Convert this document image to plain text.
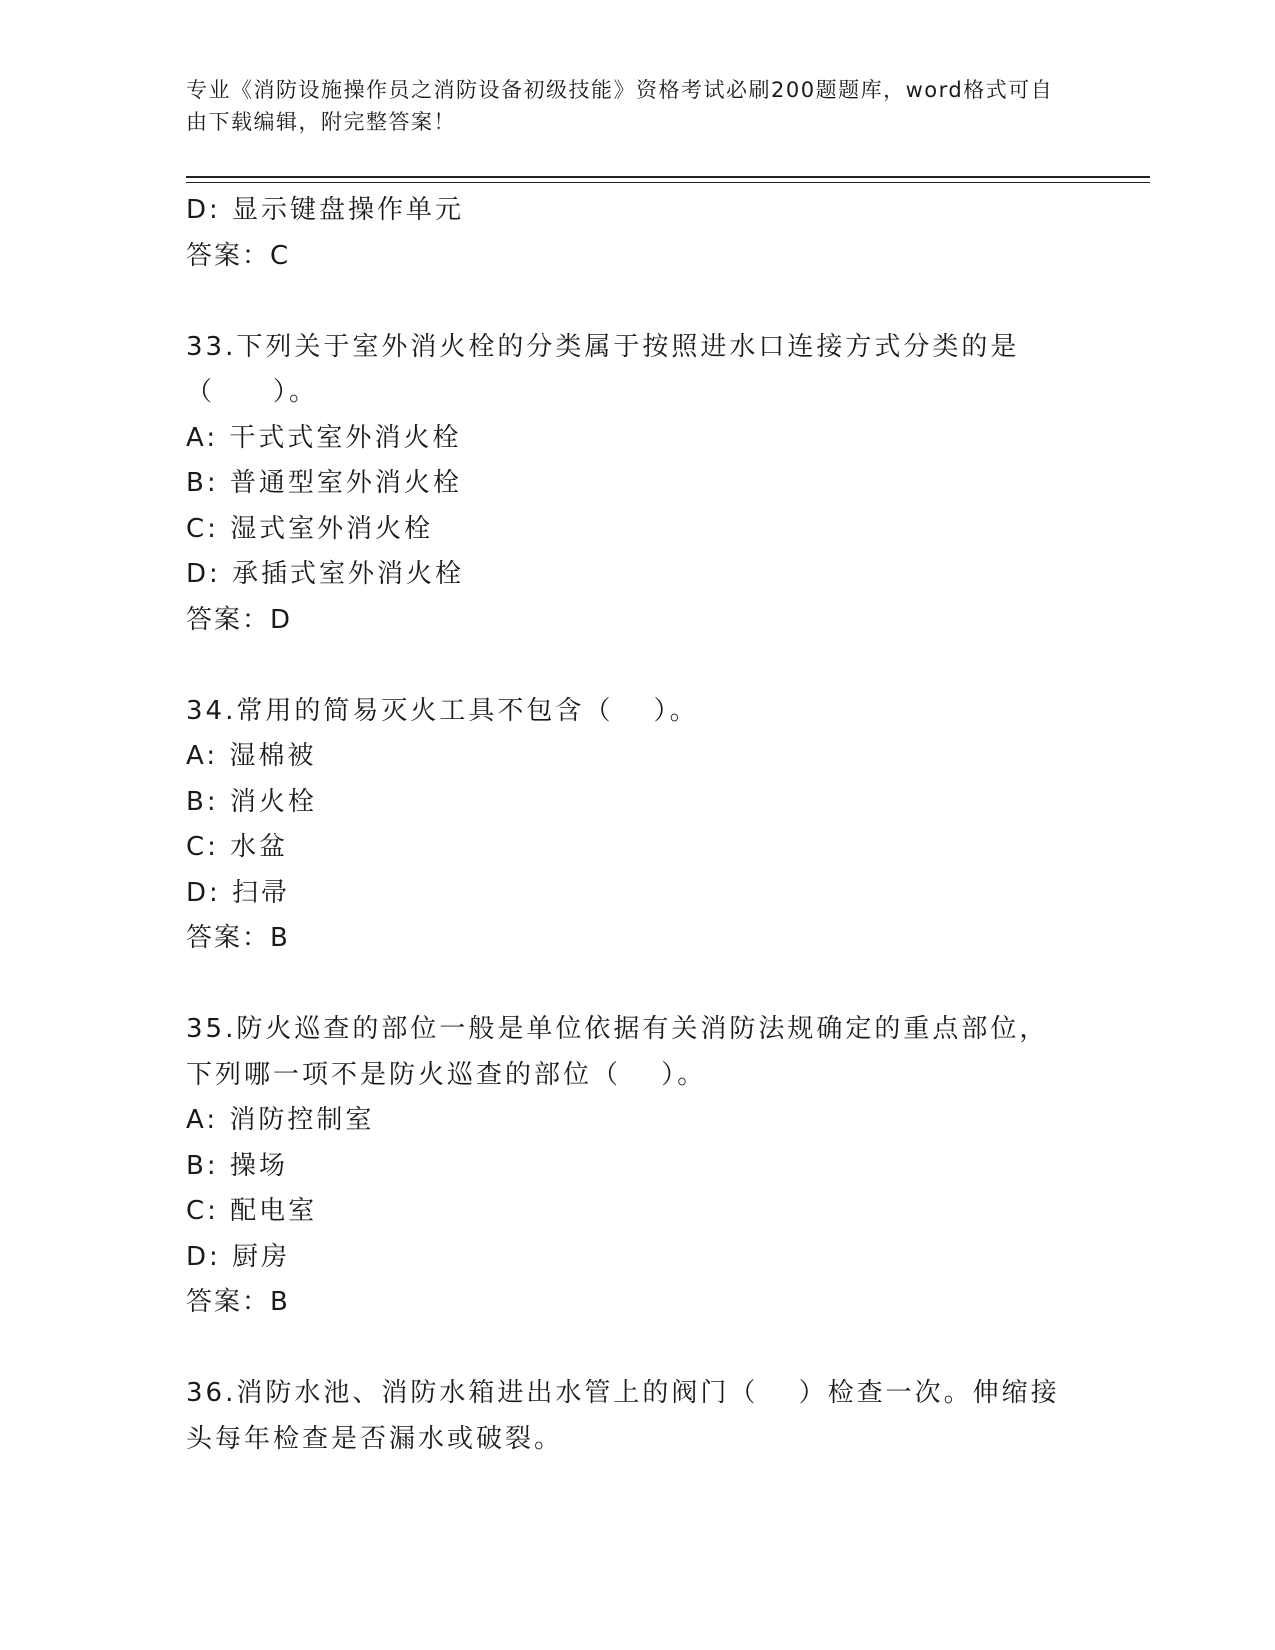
专业《消防设施操作员之消防设备初级技能》资格考试必刷200题题库，word格式可自由下载编辑，附完整答案！
D: 显示键盘操作单元
答案：C
33.下列关于室外消火栓的分类属于按照进水口连接方式分类的是（　　）。
A: 干式式室外消火栓
B: 普通型室外消火栓
C: 湿式室外消火栓
D: 承插式室外消火栓
答案：D
34.常用的简易灭火工具不包含（　 ）。
A: 湿棉被
B: 消火栓
C: 水盆
D: 扫帚
答案：B
35.防火巡查的部位一般是单位依据有关消防法规确定的重点部位，下列哪一项不是防火巡查的部位（　 ）。
A: 消防控制室
B: 操场
C: 配电室
D: 厨房
答案：B
36.消防水池、消防水箱进出水管上的阀门（　 ）检查一次。伸缩接头每年检查是否漏水或破裂。
